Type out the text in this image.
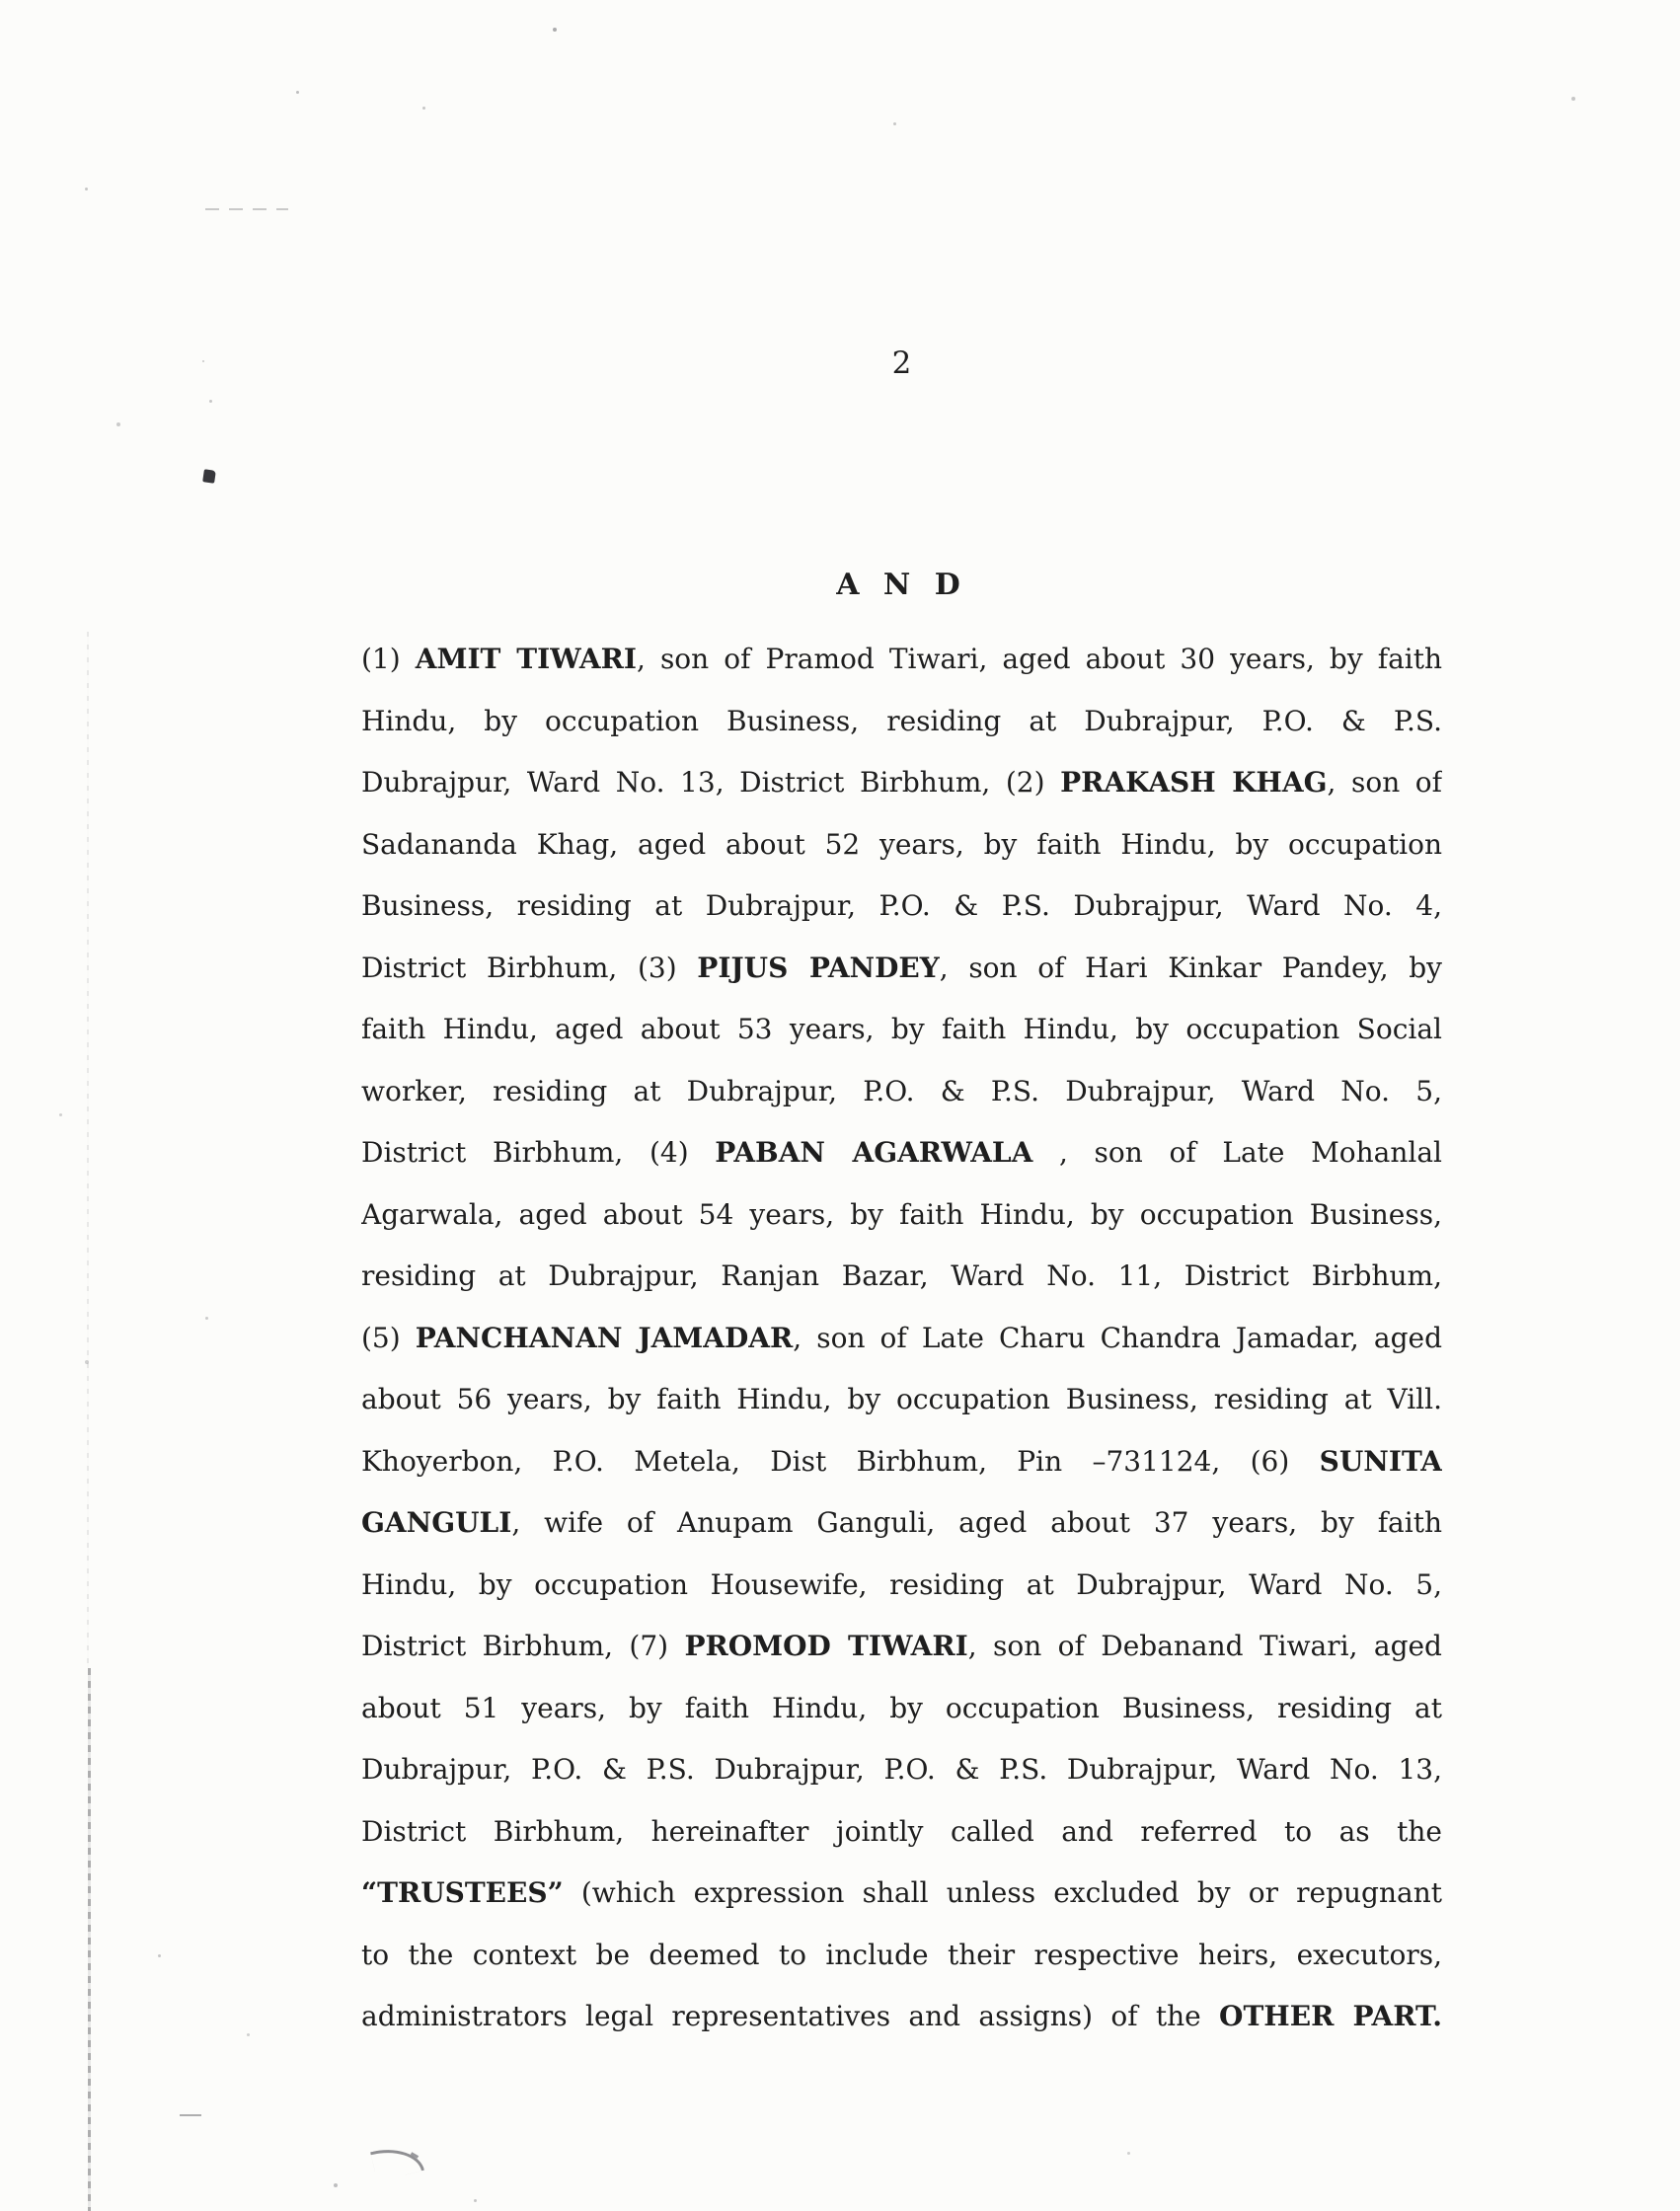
2
A N D
(1) AMIT TIWARI, son of Pramod Tiwari, aged about 30 years, by faith
Hindu, by occupation Business, residing at Dubrajpur, P.O. & P.S.
Dubrajpur, Ward No. 13, District Birbhum, (2) PRAKASH KHAG, son of
Sadananda Khag, aged about 52 years, by faith Hindu, by occupation
Business, residing at Dubrajpur, P.O. & P.S. Dubrajpur, Ward No. 4,
District Birbhum, (3) PIJUS PANDEY, son of Hari Kinkar Pandey, by
faith Hindu, aged about 53 years, by faith Hindu, by occupation Social
worker, residing at Dubrajpur, P.O. & P.S. Dubrajpur, Ward No. 5,
District Birbhum, (4) PABAN AGARWALA , son of Late Mohanlal
Agarwala, aged about 54 years, by faith Hindu, by occupation Business,
residing at Dubrajpur, Ranjan Bazar, Ward No. 11, District Birbhum,
(5) PANCHANAN JAMADAR, son of Late Charu Chandra Jamadar, aged
about 56 years, by faith Hindu, by occupation Business, residing at Vill.
Khoyerbon, P.O. Metela, Dist Birbhum, Pin –731124, (6) SUNITA
GANGULI, wife of Anupam Ganguli, aged about 37 years, by faith
Hindu, by occupation Housewife, residing at Dubrajpur, Ward No. 5,
District Birbhum, (7) PROMOD TIWARI, son of Debanand Tiwari, aged
about 51 years, by faith Hindu, by occupation Business, residing at
Dubrajpur, P.O. & P.S. Dubrajpur, P.O. & P.S. Dubrajpur, Ward No. 13,
District Birbhum, hereinafter jointly called and referred to as the
“TRUSTEES” (which expression shall unless excluded by or repugnant
to the context be deemed to include their respective heirs, executors,
administrators legal representatives and assigns) of the OTHER PART.
